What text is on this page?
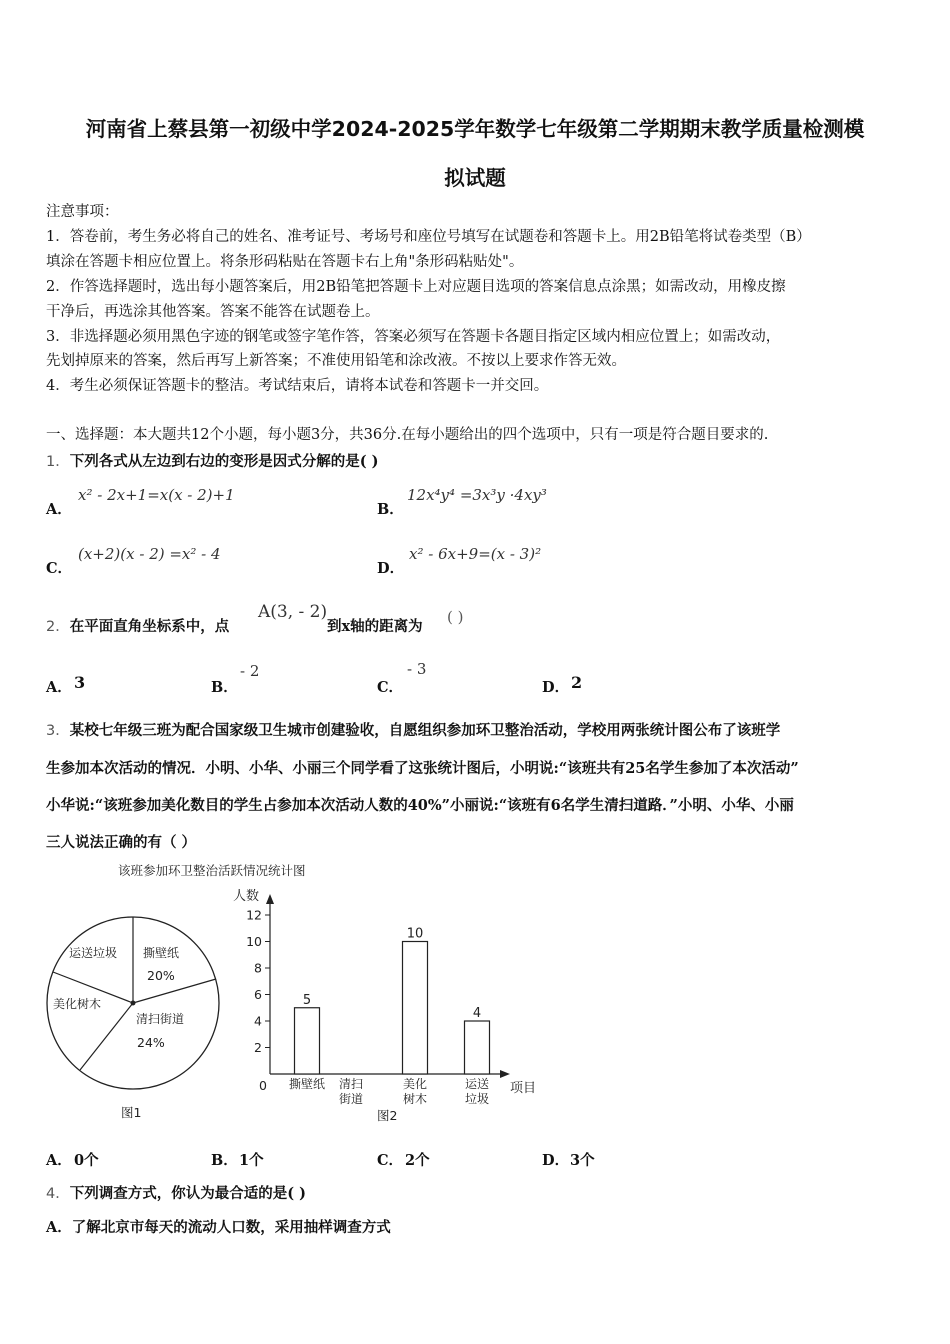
河南省上蔡县第一初级中学2024-2025学年数学七年级第二学期期末教学质量检测模
拟试题
注意事项：
1．答卷前，考生务必将自己的姓名、准考证号、考场号和座位号填写在试题卷和答题卡上。用2B铅笔将试卷类型（B）
填涂在答题卡相应位置上。将条形码粘贴在答题卡右上角"条形码粘贴处"。
2．作答选择题时，选出每小题答案后，用2B铅笔把答题卡上对应题目选项的答案信息点涂黑；如需改动，用橡皮擦
干净后，再选涂其他答案。答案不能答在试题卷上。
3．非选择题必须用黑色字迹的钢笔或签字笔作答，答案必须写在答题卡各题目指定区域内相应位置上；如需改动，
先划掉原来的答案，然后再写上新答案；不准使用铅笔和涂改液。不按以上要求作答无效。
4．考生必须保证答题卡的整洁。考试结束后，请将本试卷和答题卡一并交回。
一、选择题：本大题共12个小题，每小题3分，共36分.在每小题给出的四个选项中，只有一项是符合题目要求的.
1．下列各式从左边到右边的变形是因式分解的是( )
A．
x² - 2x+1=x(x - 2)+1
B．
12x⁴y⁴ =3x³y ·4xy³
C．
(x+2)(x - 2) =x² - 4
D．
x² - 6x+9=(x - 3)²
2．在平面直角坐标系中，点
A(3, - 2)
到x轴的距离为
( )
A． 3	B．
- 2
C．
- 3
D． 2
3．某校七年级三班为配合国家级卫生城市创建验收，自愿组织参加环卫整治活动，学校用两张统计图公布了该班学
生参加本次活动的情况．小明、小华、小丽三个同学看了这张统计图后，小明说:“该班共有25名学生参加了本次活动”
小华说:“该班参加美化数目的学生占参加本次活动人数的40%”小丽说:“该班有6名学生清扫道路．”小明、小华、小丽
三人说法正确的有（ ）
该班参加环卫整治活跃情况统计图
运送垃圾 撕壁纸
20%
清扫街道
24%
美化树木
图1
人数
项目
0
图2
2
4
6
8
10
12
5
10
4
撕壁纸 清扫
街道
美化
树木
运送
垃圾
A． 0个	B． 1个	C． 2个	D． 3个
4．下列调查方式，你认为最合适的是( )
A．了解北京市每天的流动人口数，采用抽样调查方式
